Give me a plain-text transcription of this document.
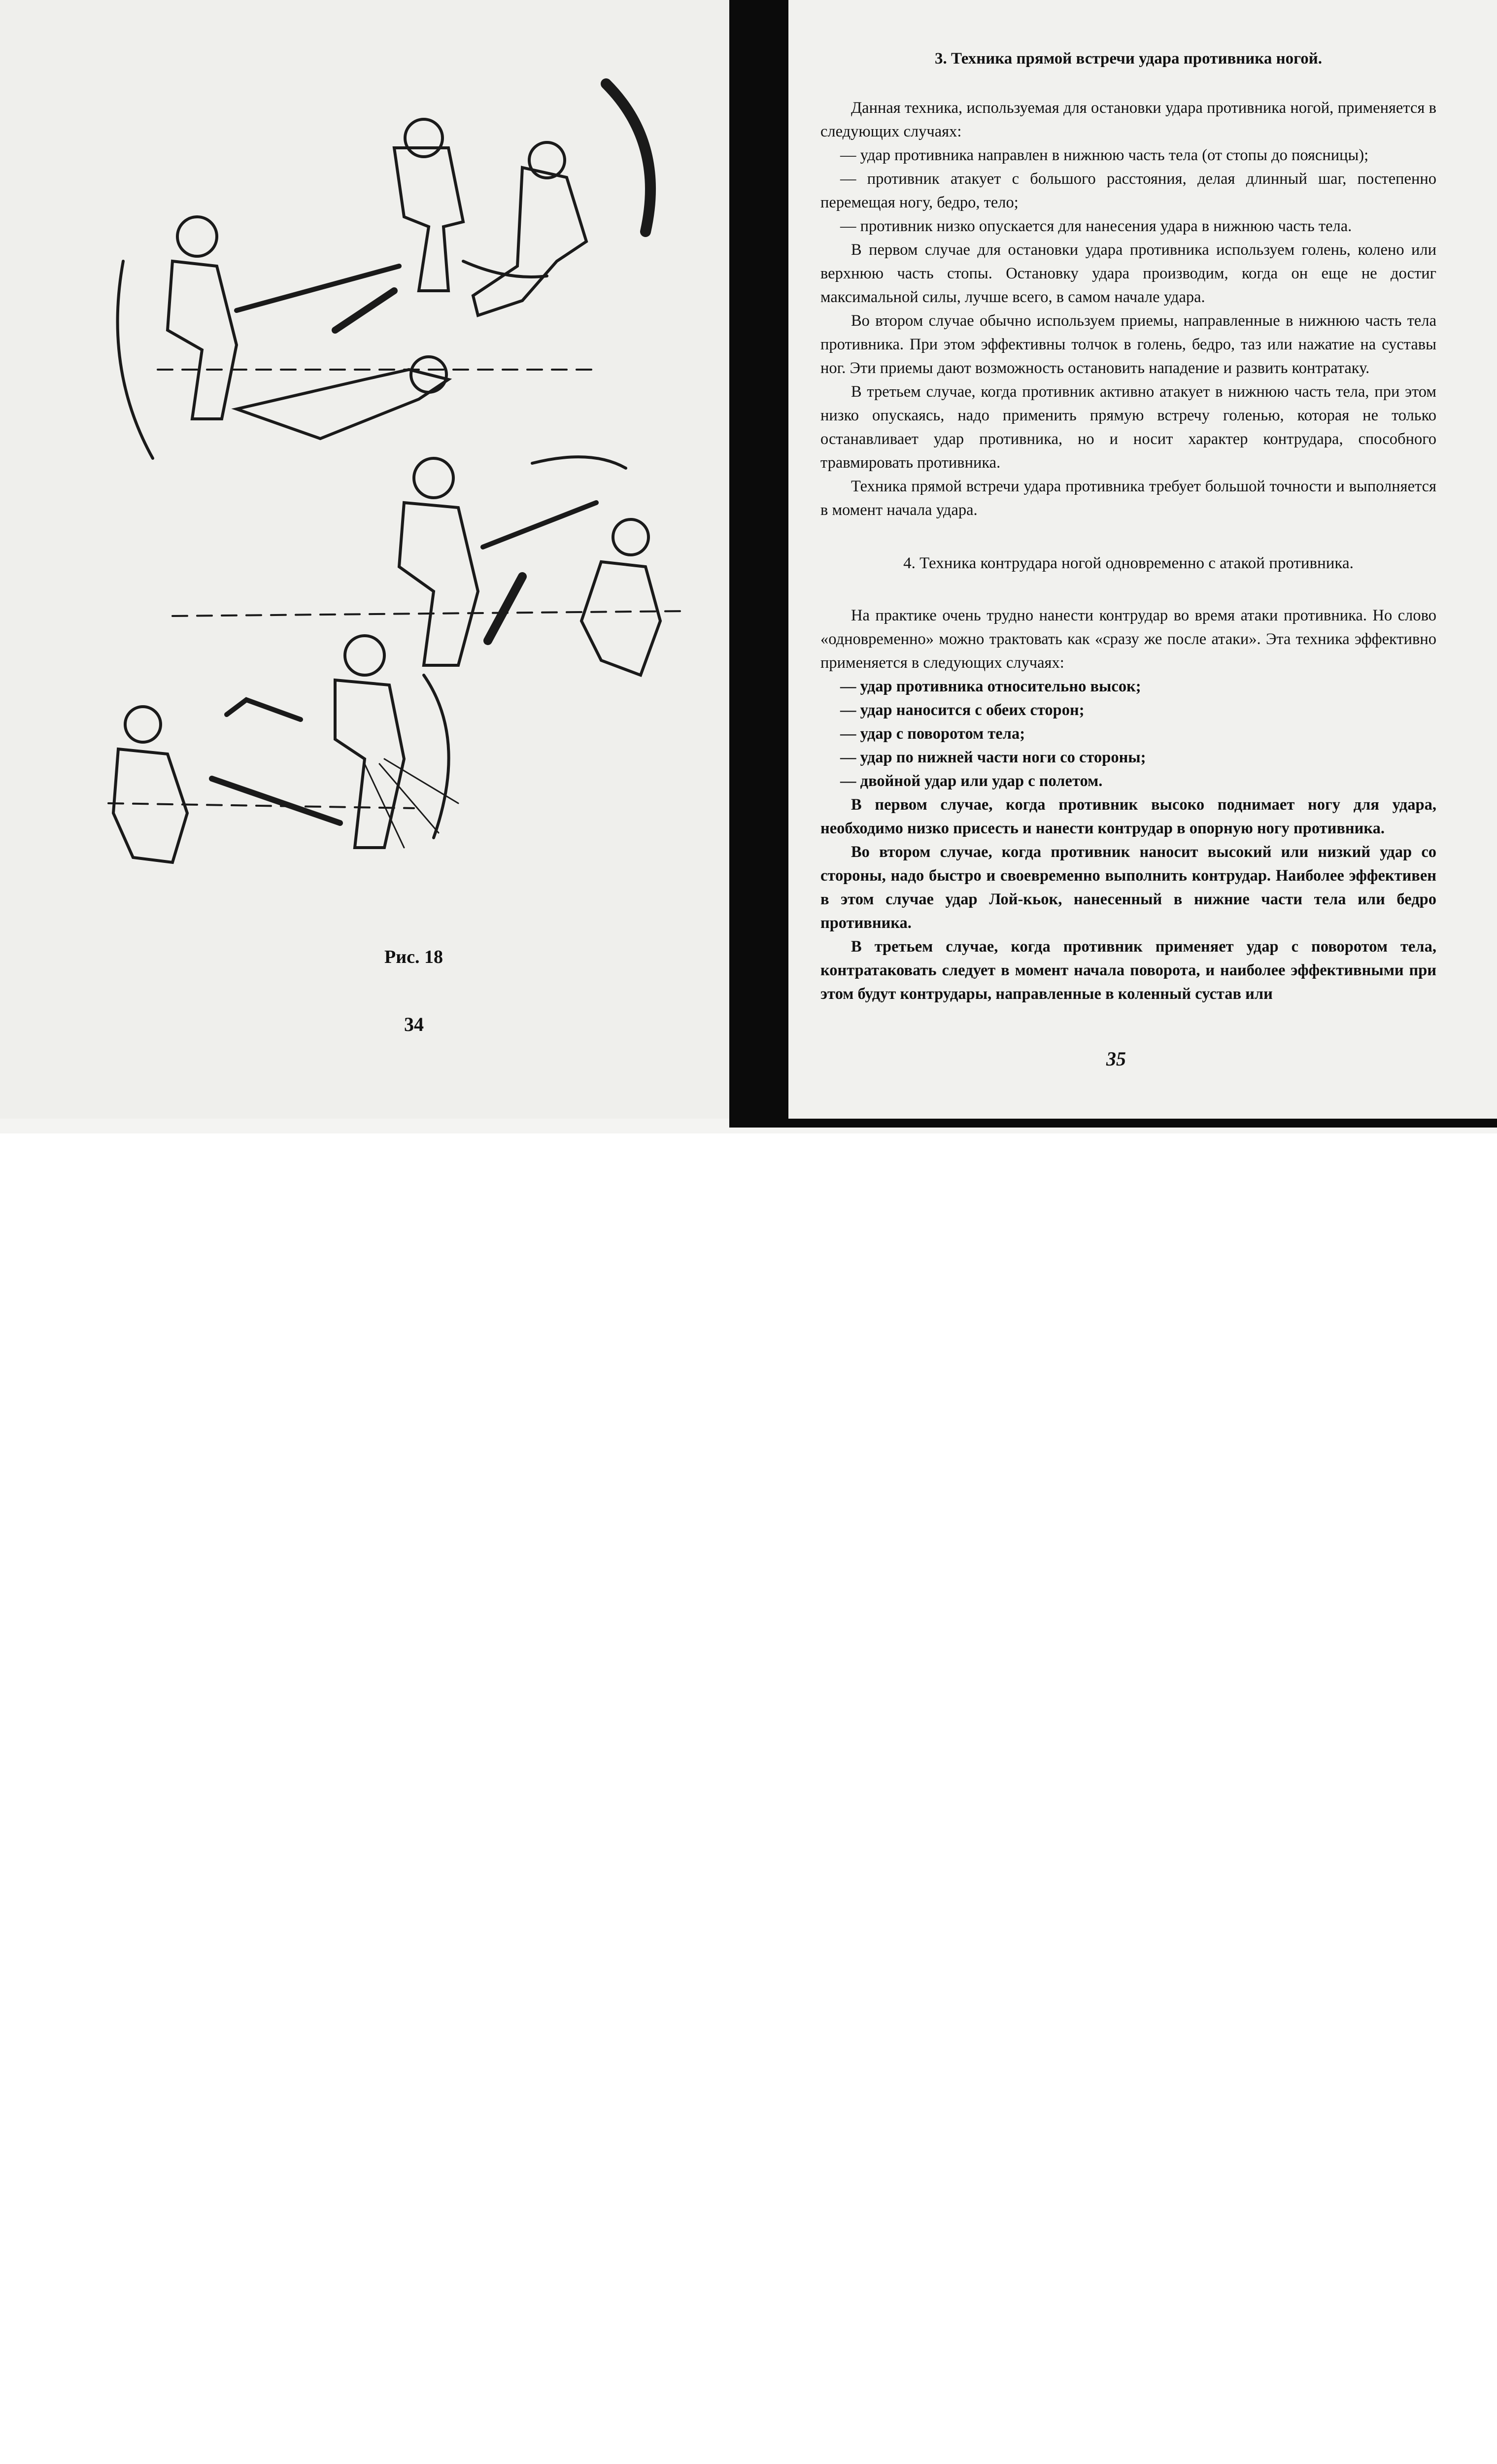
Рис. 18
34
35
3. Техника прямой встречи удара противника ногой.

Данная техника, используемая для остановки удара противника ногой, применяется в следующих случаях:

— удар противника направлен в нижнюю часть тела (от стопы до поясницы);

— противник атакует с большого расстояния, делая длинный шаг, постепенно перемещая ногу, бедро, тело;

— противник низко опускается для нанесения удара в нижнюю часть тела.

В первом случае для остановки удара противника используем голень, колено или верхнюю часть стопы. Остановку удара производим, когда он еще не достиг максимальной силы, лучше всего, в самом начале удара.

Во втором случае обычно используем приемы, направленные в нижнюю часть тела противника. При этом эффективны толчок в голень, бедро, таз или нажатие на суставы ног. Эти приемы дают возможность остановить нападение и развить контратаку.

В третьем случае, когда противник активно атакует в нижнюю часть тела, при этом низко опускаясь, надо применить прямую встречу голенью, которая не только останавливает удар противника, но и носит характер контрудара, способного травмировать противника.

Техника прямой встречи удара противника требует большой точности и выполняется в момент начала удара.

4. Техника контрудара ногой одновременно с атакой противника.

На практике очень трудно нанести контрудар во время атаки противника. Но слово «одновременно» можно трактовать как «сразу же после атаки». Эта техника эффективно применяется в следующих случаях:

— удар противника относительно высок;

— удар наносится с обеих сторон;

— удар с поворотом тела;

— удар по нижней части ноги со стороны;

— двойной удар или удар с полетом.

В первом случае, когда противник высоко поднимает ногу для удара, необходимо низко присесть и нанести контрудар в опорную ногу противника.

Во втором случае, когда противник наносит высокий или низкий удар со стороны, надо быстро и своевременно выполнить контрудар. Наиболее эффективен в этом случае удар Лой-кьок, нанесенный в нижние части тела или бедро противника.

В третьем случае, когда противник применяет удар с поворотом тела, контратаковать следует в момент начала поворота, и наиболее эффективными при этом будут контрудары, направленные в коленный сустав или
